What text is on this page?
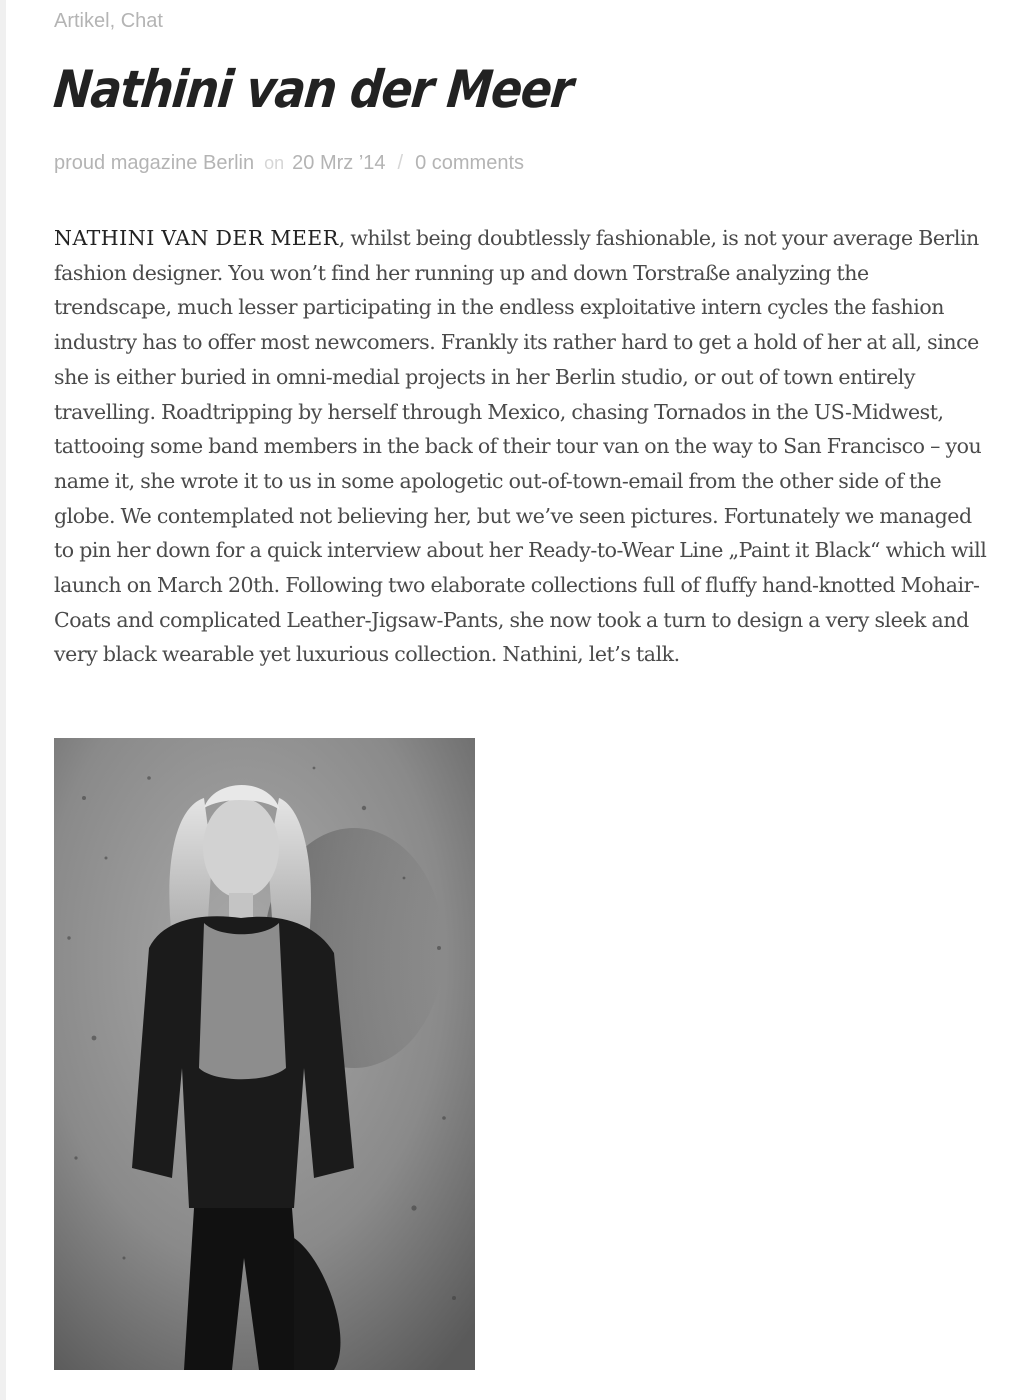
Artikel, Chat
Nathini van der Meer
proud magazine Berlin on 20 Mrz ’14 / 0 comments

NATHINI VAN DER MEER, whilst being doubtlessly fashionable, is not your average Berlin fashion designer. You won’t find her running up and down Torstraße analyzing the trendscape, much lesser participating in the endless exploitative intern cycles the fashion industry has to offer most newcomers. Frankly its rather hard to get a hold of her at all, since she is either buried in omni-medial projects in her Berlin studio, or out of town entirely travelling. Roadtripping by herself through Mexico, chasing Tornados in the US-Midwest, tattooing some band members in the back of their tour van on the way to San Francisco – you name it, she wrote it to us in some apologetic out-of-town-email from the other side of the globe. We contemplated not believing her, but we’ve seen pictures. Fortunately we managed to pin her down for a quick interview about her Ready-to-Wear Line „Paint it Black“ which will launch on March 20th. Following two elaborate collections full of fluffy hand-knotted Mohair-Coats and complicated Leather-Jigsaw-Pants, she now took a turn to design a very sleek and very black wearable yet luxurious collection. Nathini, let’s talk.
